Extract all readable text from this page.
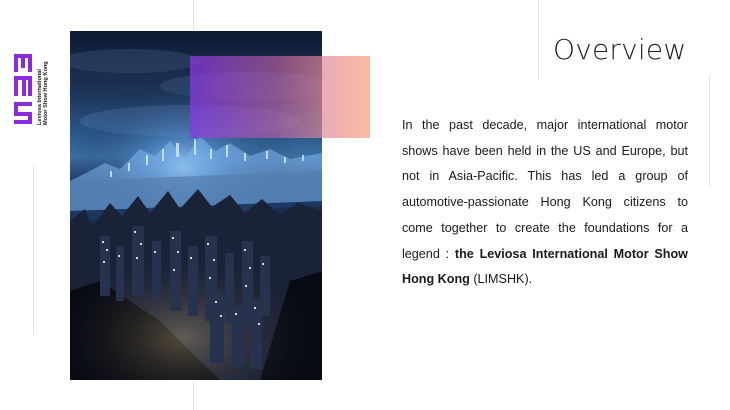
Leviosa International Motor Show Hong Kong
Overview
In the past decade, major international motor shows have been held in the US and Europe, but not in Asia-Pacific. This has led a group of automotive-passionate Hong Kong citizens to come together to create the foundations for a legend : the Leviosa International Motor Show Hong Kong (LIMSHK).
